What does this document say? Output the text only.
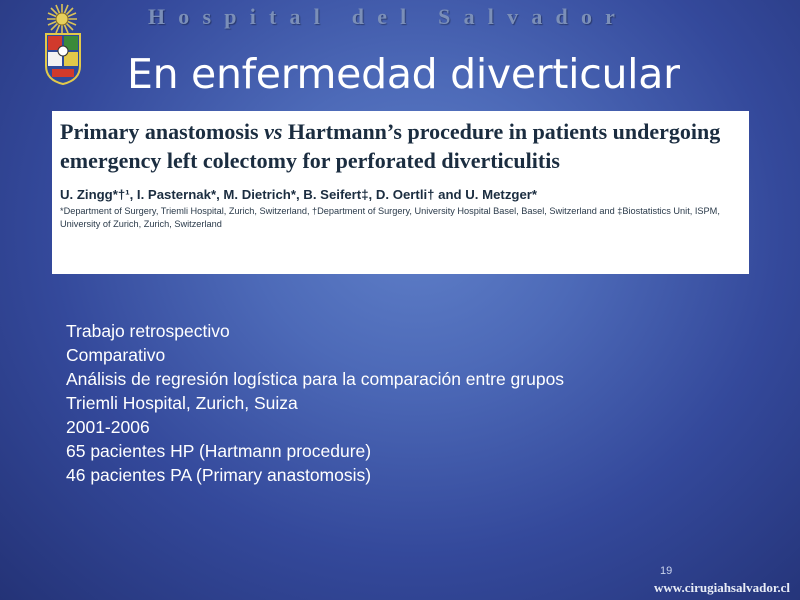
Hospital del Salvador
En enfermedad diverticular
Primary anastomosis vs Hartmann’s procedure in patients undergoing emergency left colectomy for perforated diverticulitis
U. Zingg*†¹, I. Pasternak*, M. Dietrich*, B. Seifert‡, D. Oertli† and U. Metzger*
*Department of Surgery, Triemli Hospital, Zurich, Switzerland, †Department of Surgery, University Hospital Basel, Basel, Switzerland and ‡Biostatistics Unit, ISPM, University of Zurich, Zurich, Switzerland
Trabajo retrospectivo
Comparativo
Análisis de regresión logística para la comparación entre grupos
Triemli Hospital, Zurich, Suiza
2001-2006
65 pacientes HP (Hartmann procedure)
46 pacientes PA (Primary anastomosis)
19
www.cirugiahsalvador.cl
